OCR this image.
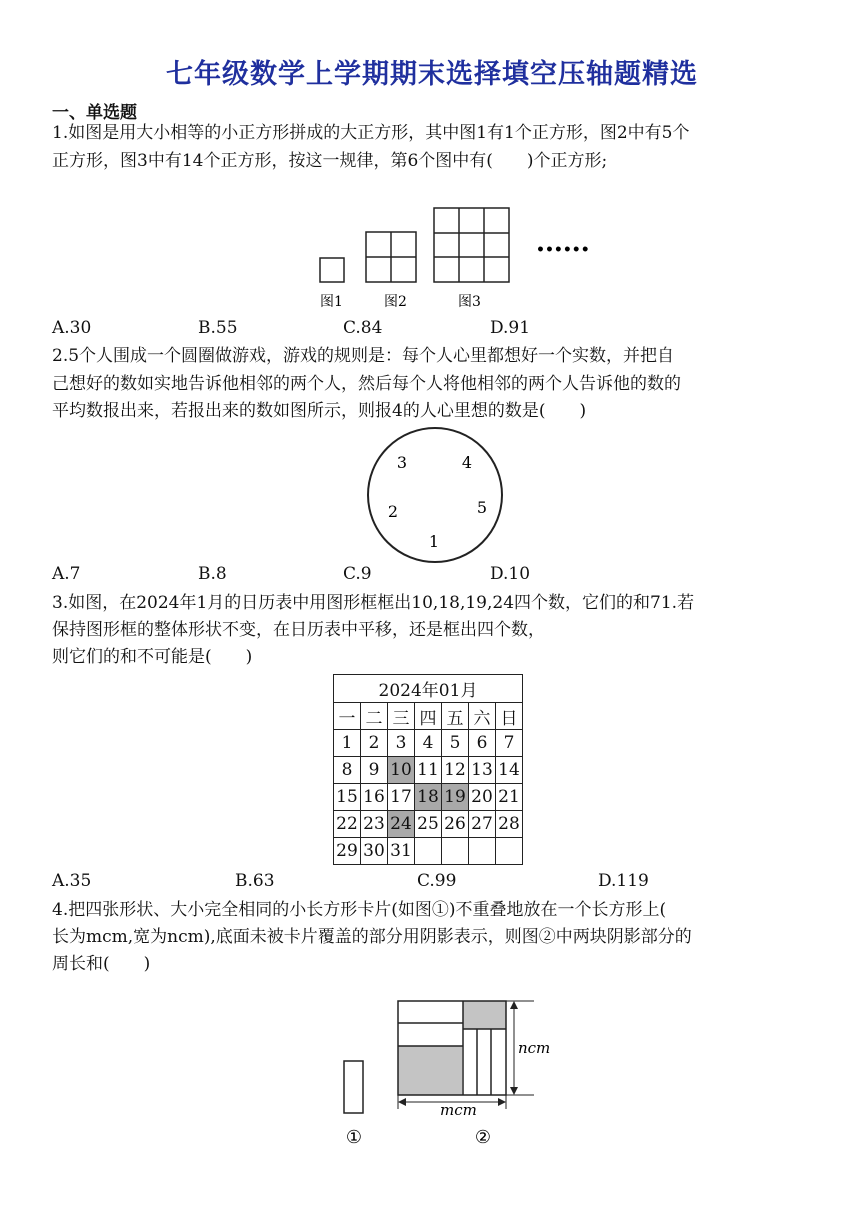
七年级数学上学期期末选择填空压轴题精选
一、单选题
1.如图是用大小相等的小正方形拼成的大正方形，其中图1有1个正方形，图2中有5个
正方形，图3中有14个正方形，按这一规律，第6个图中有(　　)个正方形;
••••••
图1	图2	图3
A.30	B.55	C.84	D.91
2.5个人围成一个圆圈做游戏，游戏的规则是：每个人心里都想好一个实数，并把自
己想好的数如实地告诉他相邻的两个人，然后每个人将他相邻的两个人告诉他的数的
平均数报出来，若报出来的数如图所示，则报4的人心里想的数是(　　)
3	4
2	5
1
A.7	B.8	C.9	D.10
3.如图，在2024年1月的日历表中用图形框框出10,18,19,24四个数，它们的和71.若
保持图形框的整体形状不变，在日历表中平移，还是框出四个数，
则它们的和不可能是(　　)
2024年01月						
一	二	三	四	五	六	日
1	2	3	4	5	6	7
8	9	10	11	12	13	14
15	16	17	18	19	20	21
22	23	24	25	26	27	28
29	30	31				
A.35	B.63	C.99	D.119
4.把四张形状、大小完全相同的小长方形卡片(如图①)不重叠地放在一个长方形上(
长为mcm,宽为ncm),底面未被卡片覆盖的部分用阴影表示，则图②中两块阴影部分的
周长和(　　)
①
ncm
mcm
②
